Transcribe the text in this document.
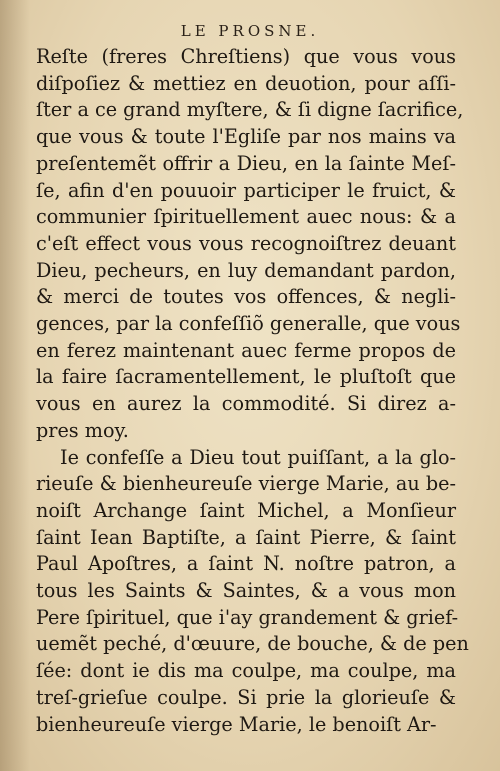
LE PROSNE.
Reſte (freres Chreſtiens) que vous vous
diſpoſiez & mettiez en deuotion, pour aſſi-
ſter a ce grand myſtere, & ſi digne ſacrifice,
que vous & toute l'Egliſe par nos mains va
preſentemẽt offrir a Dieu, en la ſainte Meſ-
ſe, afin d'en pouuoir participer le fruict, &
communier ſpirituellement auec nous: & a
c'eſt effect vous vous recognoiſtrez deuant
Dieu, pecheurs, en luy demandant pardon,
& merci de toutes vos offences, & negli-
gences, par la confeſſiõ generalle, que vous
en ferez maintenant auec ferme propos de
la faire ſacramentellement, le pluſtoſt que
vous en aurez la commodité. Si direz a-
pres moy.
Ie confeſſe a Dieu tout puiſſant, a la glo-
rieuſe & bienheureuſe vierge Marie, au be-
noiſt Archange ſaint Michel, a Monſieur
ſaint Iean Baptiſte, a ſaint Pierre, & ſaint
Paul Apoſtres, a ſaint N. noſtre patron, a
tous les Saints & Saintes, & a vous mon
Pere ſpirituel, que i'ay grandement & grief-
uemẽt peché, d'œuure, de bouche, & de pen
ſée: dont ie dis ma coulpe, ma coulpe, ma
treſ-grieſue coulpe. Si prie la glorieuſe &
bienheureuſe vierge Marie, le benoiſt Ar-
